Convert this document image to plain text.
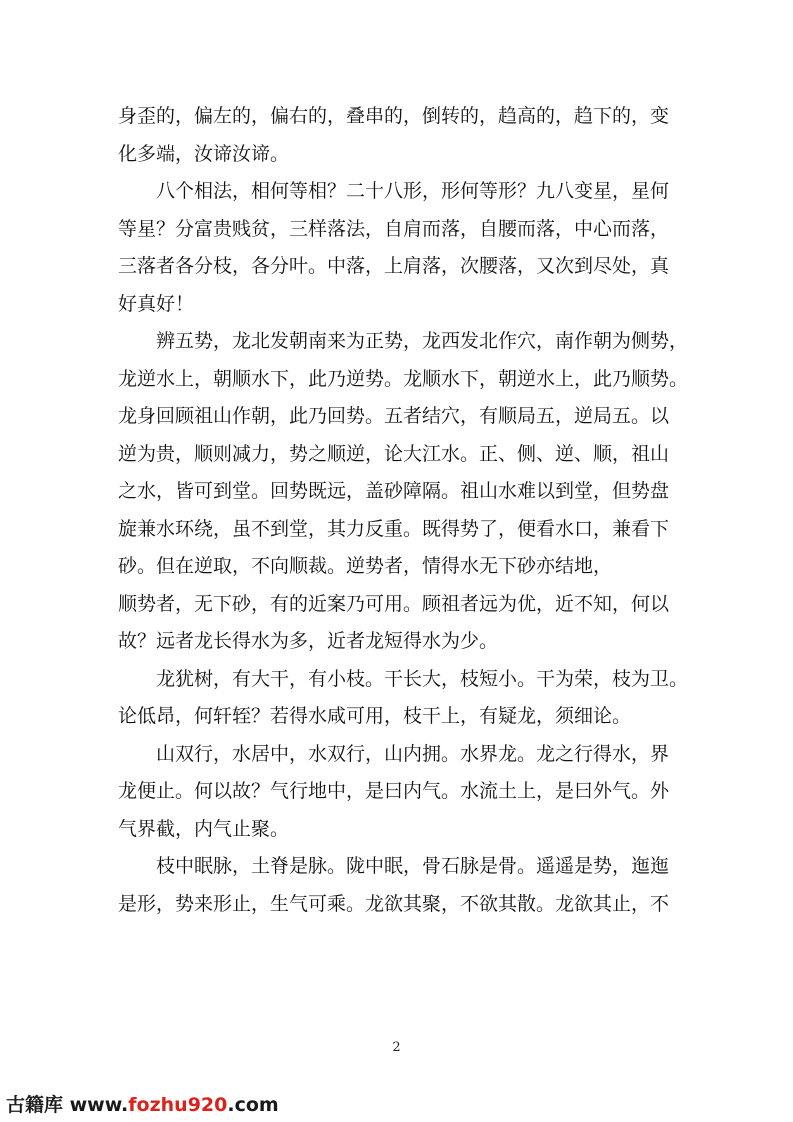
身歪的，偏左的，偏右的，叠串的，倒转的，趋高的，趋下的，变
化多端，汝谛汝谛。
八个相法，相何等相？二十八形，形何等形？九八变星，星何
等星？分富贵贱贫，三样落法，自肩而落，自腰而落，中心而落，
三落者各分枝，各分叶。中落，上肩落，次腰落，又次到尽处，真
好真好！
辨五势，龙北发朝南来为正势，龙西发北作穴，南作朝为侧势，
龙逆水上，朝顺水下，此乃逆势。龙顺水下，朝逆水上，此乃顺势。
龙身回顾祖山作朝，此乃回势。五者结穴，有顺局五，逆局五。以
逆为贵，顺则减力，势之顺逆，论大江水。正、侧、逆、顺，祖山
之水，皆可到堂。回势既远，盖砂障隔。祖山水难以到堂，但势盘
旋兼水环绕，虽不到堂，其力反重。既得势了，便看水口，兼看下
砂。但在逆取，不向顺裁。逆势者，情得水无下砂亦结地，
顺势者，无下砂，有的近案乃可用。顾祖者远为优，近不知，何以
故？远者龙长得水为多，近者龙短得水为少。
龙犹树，有大干，有小枝。干长大，枝短小。干为荣，枝为卫。
论低昂，何轩轾？若得水咸可用，枝干上，有疑龙，须细论。
山双行，水居中，水双行，山内拥。水界龙。龙之行得水，界
龙便止。何以故？气行地中，是曰内气。水流土上，是曰外气。外
气界截，内气止聚。
枝中眠脉，土脊是脉。陇中眠，骨石脉是骨。遥遥是势，迤迤
是形，势来形止，生气可乘。龙欲其聚，不欲其散。龙欲其止，不
2
古籍库 www.fozhu920.com
